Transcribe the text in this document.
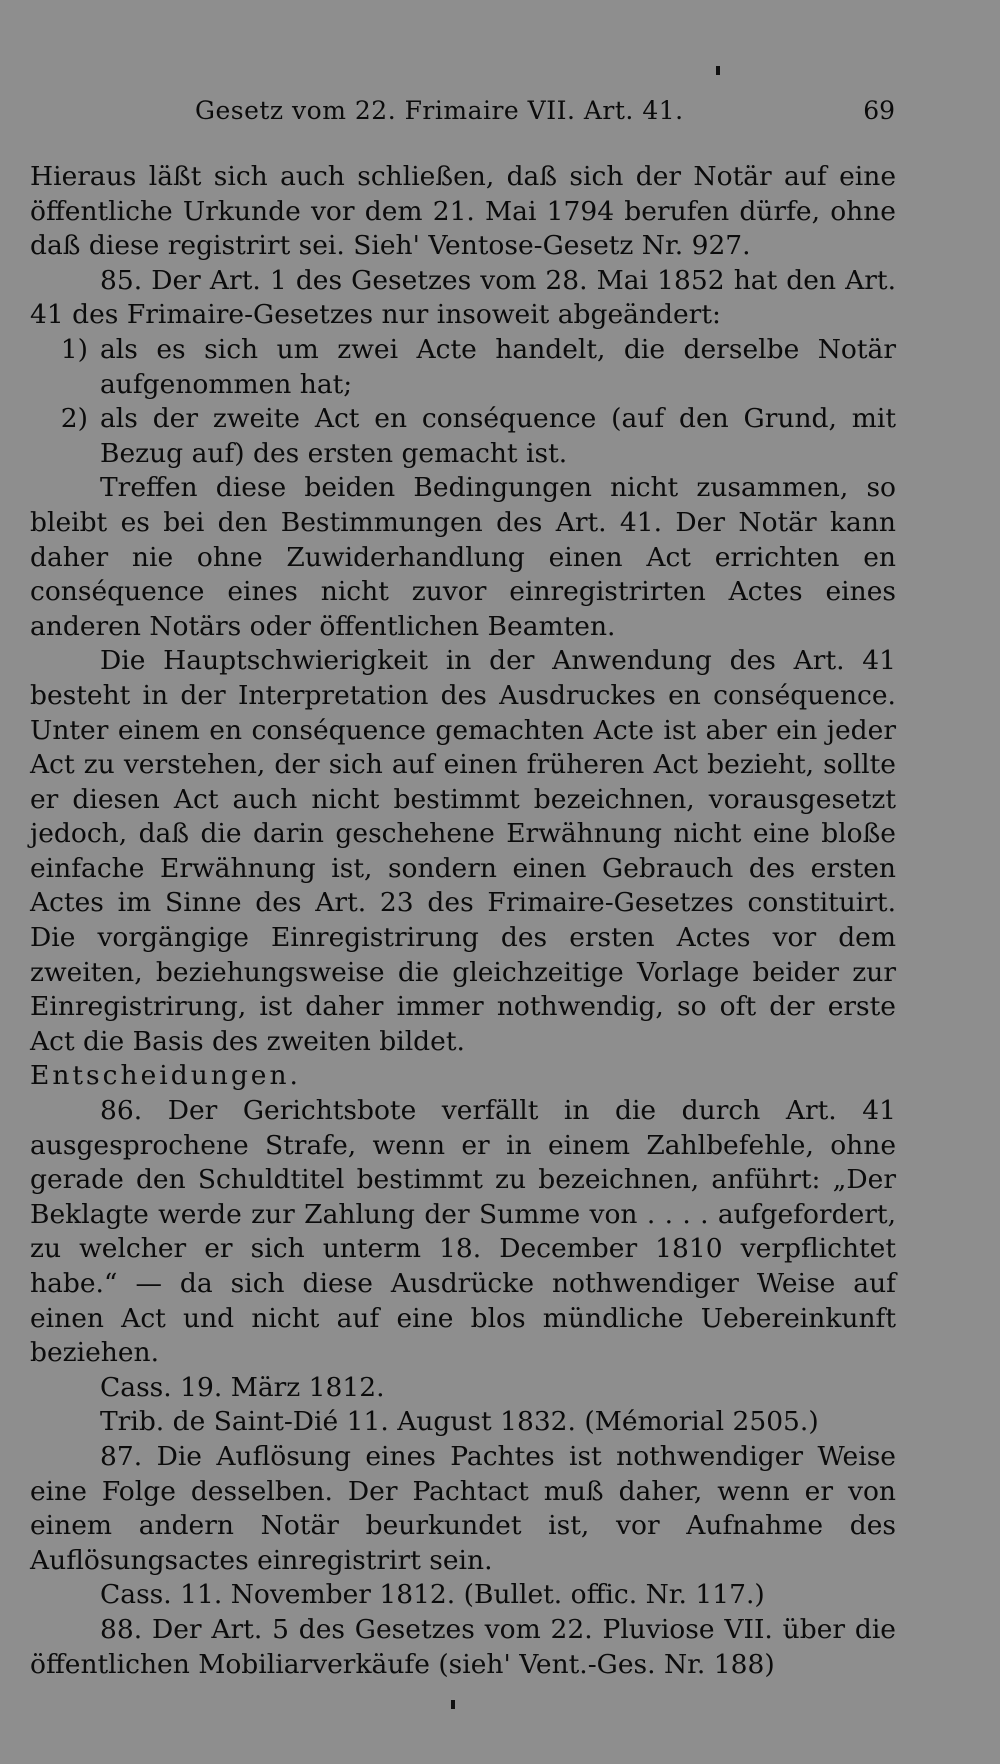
Gesetz vom 22. Frimaire VII. Art. 41.	69

Hieraus läßt sich auch schließen, daß sich der Notär auf eine öffentliche Urkunde vor dem 21. Mai 1794 berufen dürfe, ohne daß diese registrirt sei. Sieh' Ventose-Gesetz Nr. 927.

85. Der Art. 1 des Gesetzes vom 28. Mai 1852 hat den Art. 41 des Frimaire-Gesetzes nur insoweit abgeändert:

1) als es sich um zwei Acte handelt, die derselbe Notär aufgenommen hat;
2) als der zweite Act en conséquence (auf den Grund, mit Bezug auf) des ersten gemacht ist.

Treffen diese beiden Bedingungen nicht zusammen, so bleibt es bei den Bestimmungen des Art. 41. Der Notär kann daher nie ohne Zuwiderhandlung einen Act errichten en conséquence eines nicht zuvor einregistrirten Actes eines anderen Notärs oder öffentlichen Beamten.

Die Hauptschwierigkeit in der Anwendung des Art. 41 besteht in der Interpretation des Ausdruckes en conséquence. Unter einem en conséquence gemachten Acte ist aber ein jeder Act zu verstehen, der sich auf einen früheren Act bezieht, sollte er diesen Act auch nicht bestimmt bezeichnen, vorausgesetzt jedoch, daß die darin geschehene Erwähnung nicht eine bloße einfache Erwähnung ist, sondern einen Gebrauch des ersten Actes im Sinne des Art. 23 des Frimaire-Gesetzes constituirt. Die vorgängige Einregistrirung des ersten Actes vor dem zweiten, beziehungsweise die gleichzeitige Vorlage beider zur Einregistrirung, ist daher immer nothwendig, so oft der erste Act die Basis des zweiten bildet.

Entscheidungen.

86. Der Gerichtsbote verfällt in die durch Art. 41 ausgesprochene Strafe, wenn er in einem Zahlbefehle, ohne gerade den Schuldtitel bestimmt zu bezeichnen, anführt: „Der Beklagte werde zur Zahlung der Summe von . . . . aufgefordert, zu welcher er sich unterm 18. December 1810 verpflichtet habe.“ — da sich diese Ausdrücke nothwendiger Weise auf einen Act und nicht auf eine blos mündliche Uebereinkunft beziehen.

Cass. 19. März 1812.

Trib. de Saint-Dié 11. August 1832. (Mémorial 2505.)

87. Die Auflösung eines Pachtes ist nothwendiger Weise eine Folge desselben. Der Pachtact muß daher, wenn er von einem andern Notär beurkundet ist, vor Aufnahme des Auflösungsactes einregistrirt sein.

Cass. 11. November 1812. (Bullet. offic. Nr. 117.)

88. Der Art. 5 des Gesetzes vom 22. Pluviose VII. über die öffentlichen Mobiliarverkäufe (sieh' Vent.-Ges. Nr. 188)
